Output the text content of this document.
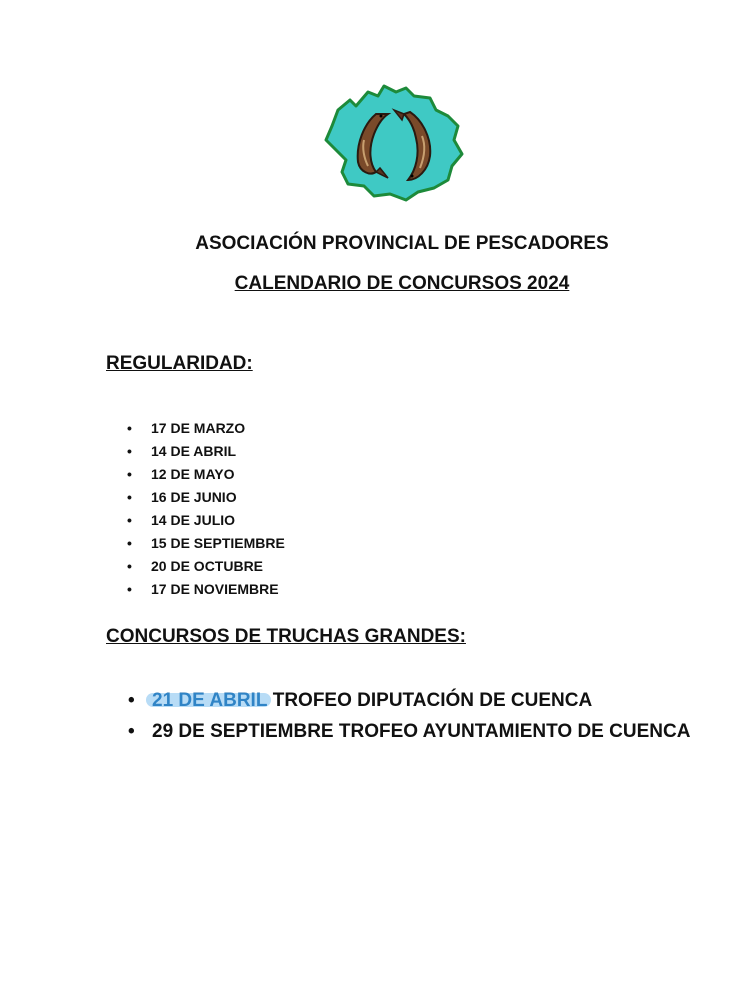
ASOCIACIÓN PROVINCIAL DE PESCADORES
CALENDARIO DE CONCURSOS 2024
REGULARIDAD:
• 17 DE MARZO
• 14 DE ABRIL
• 12 DE MAYO
• 16 DE JUNIO
• 14 DE JULIO
• 15 DE SEPTIEMBRE
• 20 DE OCTUBRE
• 17 DE NOVIEMBRE
CONCURSOS DE TRUCHAS GRANDES:
• 21 DE ABRIL TROFEO DIPUTACIÓN DE CUENCA
• 29 DE SEPTIEMBRE TROFEO AYUNTAMIENTO DE CUENCA
